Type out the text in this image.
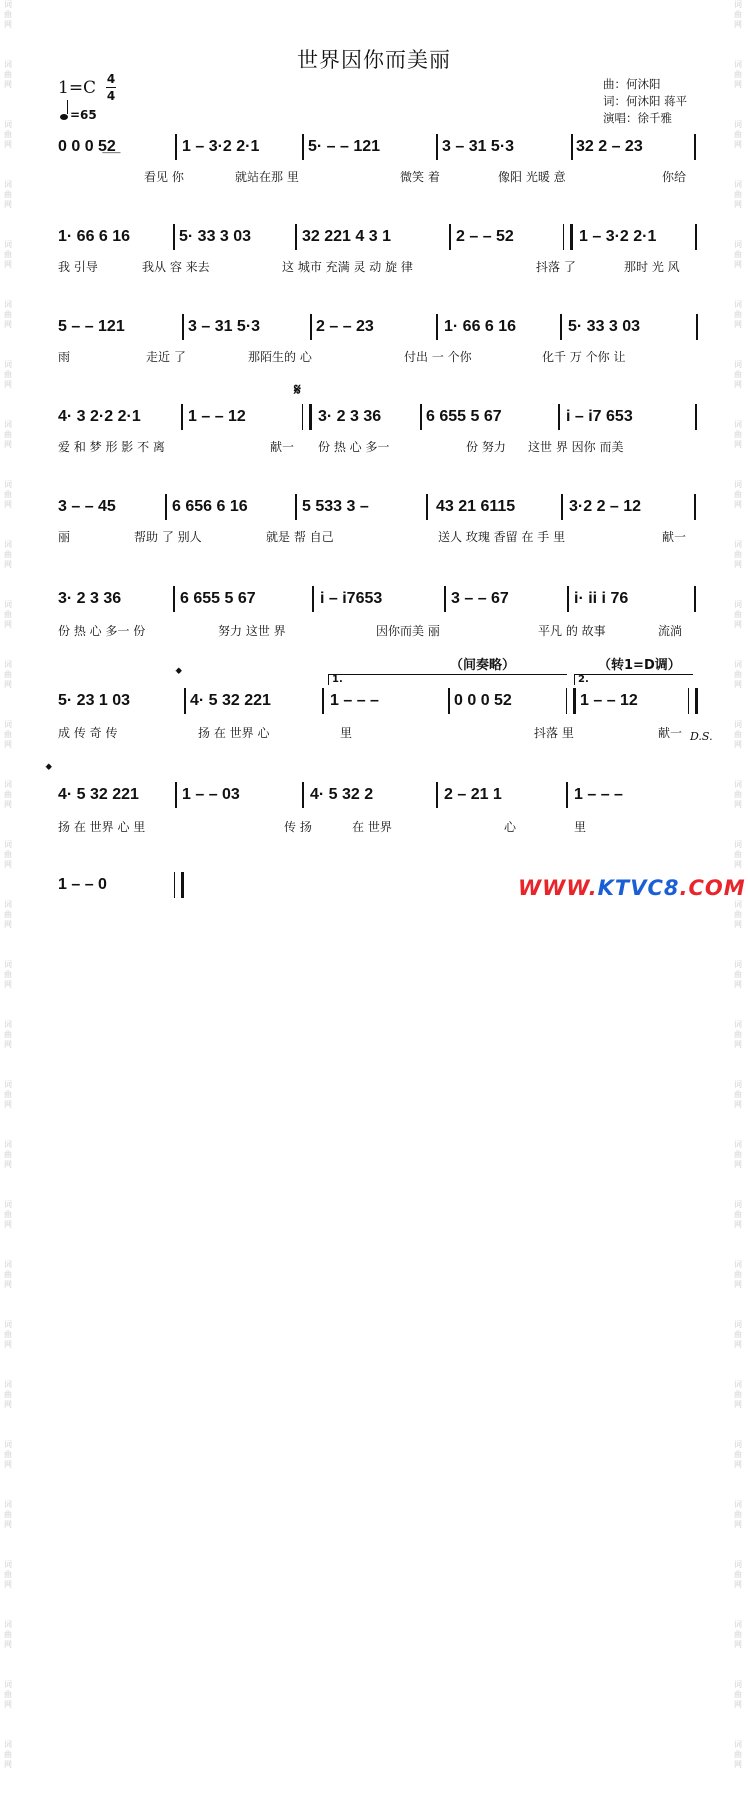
词
曲
网
词
曲
网
词
曲
网
词
曲
网
词
曲
网
词
曲
网
词
曲
网
词
曲
网
词
曲
网
词
曲
网
词
曲
网
词
曲
网
词
曲
网
词
曲
网
词
曲
网
词
曲
网
词
曲
网
词
曲
网
词
曲
网
词
曲
网
词
曲
网
词
曲
网
词
曲
网
词
曲
网
词
曲
网
词
曲
网
词
曲
网
词
曲
网
词
曲
网
词
曲
网
词
曲
网
词
曲
网
词
曲
网
词
曲
网
词
曲
网
词
曲
网
词
曲
网
词
曲
网
词
曲
网
词
曲
网
词
曲
网
词
曲
网
词
曲
网
词
曲
网
词
曲
网
词
曲
网
词
曲
网
词
曲
网
词
曲
网
词
曲
网
词
曲
网
词
曲
网
词
曲
网
词
曲
网
词
曲
网
词
曲
网
词
曲
网
词
曲
网
词
曲
网
词
曲
网
世界因你而美丽
1=C 4
4
=65
曲：何沐阳
词：何沐阳 蒋平
演唱：徐千雅
0 0 0 5̲2̲	1 – 3·2 2·1	5· – – 121	3 – 31 5·3	32 2 – 23
看见 你	就站在那 里	微笑 着	像阳 光暖 意	你给
1· 66 6 16	5· 33 3 03	32 221 4 3 1	2 – – 52	1 – 3·2 2·1
我 引导	我从 容 来去	这 城市 充满 灵 动 旋 律	抖落 了	那时 光 风
5 – – 121	3 – 31 5·3	2 – – 23	1· 66 6 16	5· 33 3 03
雨	走近 了	那陌生的 心	付出 一 个你	化千 万 个你 让
𝄋
4· 3 2·2 2·1	1 – – 12	3· 2 3 36	6 655 5 67	i – i7 653
爱 和 梦 形 影 不 离	献一 份 热 心 多一	份 努力 这世 界 因你 而美
3 – – 45	6 656 6 16	5 533 3 –	43 21 6115	3·2 2 – 12
丽	帮助 了 别人	就是 帮 自己	送人 玫瑰 香留 在 手 里	献一
3· 2 3 36	6 655 5 67	i – i7653	3 – – 67	i· ii i 76
份 热 心 多一 份	努力 这世 界	因你而美 丽	平凡 的 故事	流淌
𝄌	1.	2.
（间奏略）	（转1=D调）
5· 23 1 03	4· 5 32 221	1 – – –	0 0 0 52	1 – – 12
成 传 奇 传	扬 在 世界 心	里	抖落 里	献一 D.S.
𝄌
4· 5 32 221	1 – – 03	4· 5 32 2	2 – 21 1	1 – – –
扬 在 世界 心 里	传 扬	在 世界	心	里
1 – – 0	WWW.KTVC8.COM
